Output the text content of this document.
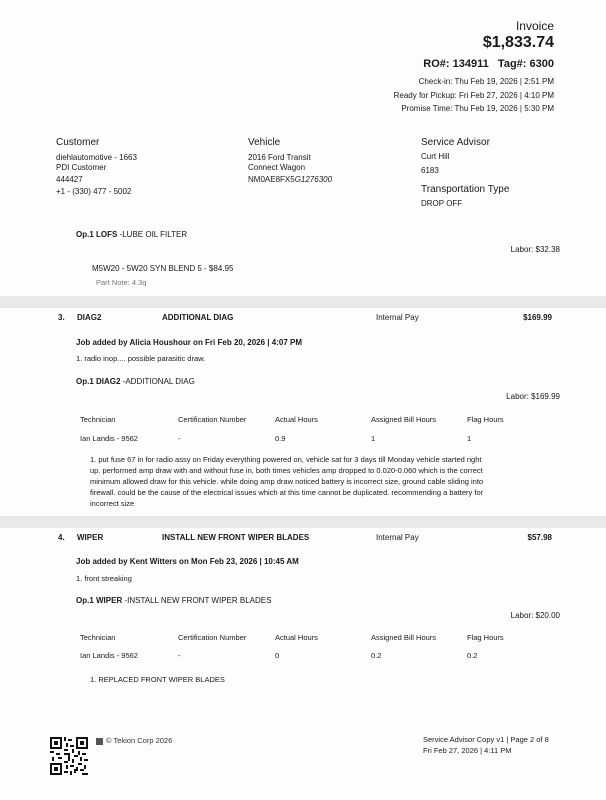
Invoice
$1,833.74
RO#: 134911 Tag#: 6300
Check-in: Thu Feb 19, 2026 | 2:51 PM
Ready for Pickup: Fri Feb 27, 2026 | 4:10 PM
Promise Time: Thu Feb 19, 2026 | 5:30 PM
Customer
diehlautomotive - 1663
PDI Customer
444427
+1 - (330) 477 - 5002
Vehicle
2016 Ford Transit
Connect Wagon
NM0AE8FX5G1276300
Service Advisor
Curt Hill
6183
Transportation Type
DROP OFF
Op.1 LOFS -LUBE OIL FILTER
Labor: $32.38
M5W20 - 5W20 SYN BLEND 5 - $84.95
Part Note: 4.3q
3. DIAG2	ADDITIONAL DIAG	Internal Pay	$169.99
Job added by Alicia Houshour on Fri Feb 20, 2026 | 4:07 PM
1. radio inop.... possible parasitic draw.
Op.1 DIAG2 -ADDITIONAL DIAG
Labor: $169.99
Technician	Certification Number	Actual Hours	Assigned Bill Hours	Flag Hours
Ian Landis - 9562	-	0.9	1	1
1. put fuse 67 in for radio assy on Friday everything powered on, vehicle sat for 3 days till Monday vehicle started right
up. performed amp draw with and without fuse in, both times vehicles amp dropped to 0.020-0.060 which is the correct
minimum allowed draw for this vehicle. while doing amp draw noticed battery is incorrect size, ground cable sliding into
firewall. could be the cause of the electrical issues which at this time cannot be duplicated. recommending a battery for
incorrect size
4. WIPER	INSTALL NEW FRONT WIPER BLADES	Internal Pay	$57.98
Job added by Kent Witters on Mon Feb 23, 2026 | 10:45 AM
1. front streaking
Op.1 WIPER -INSTALL NEW FRONT WIPER BLADES
Labor: $20.00
Technician	Certification Number	Actual Hours	Assigned Bill Hours	Flag Hours
Ian Landis - 9562	-	0	0.2	0.2
1. REPLACED FRONT WIPER BLADES
© Tekion Corp 2026	Service Advisor Copy v1 | Page 2 of 8
Fri Feb 27, 2026 | 4:11 PM
